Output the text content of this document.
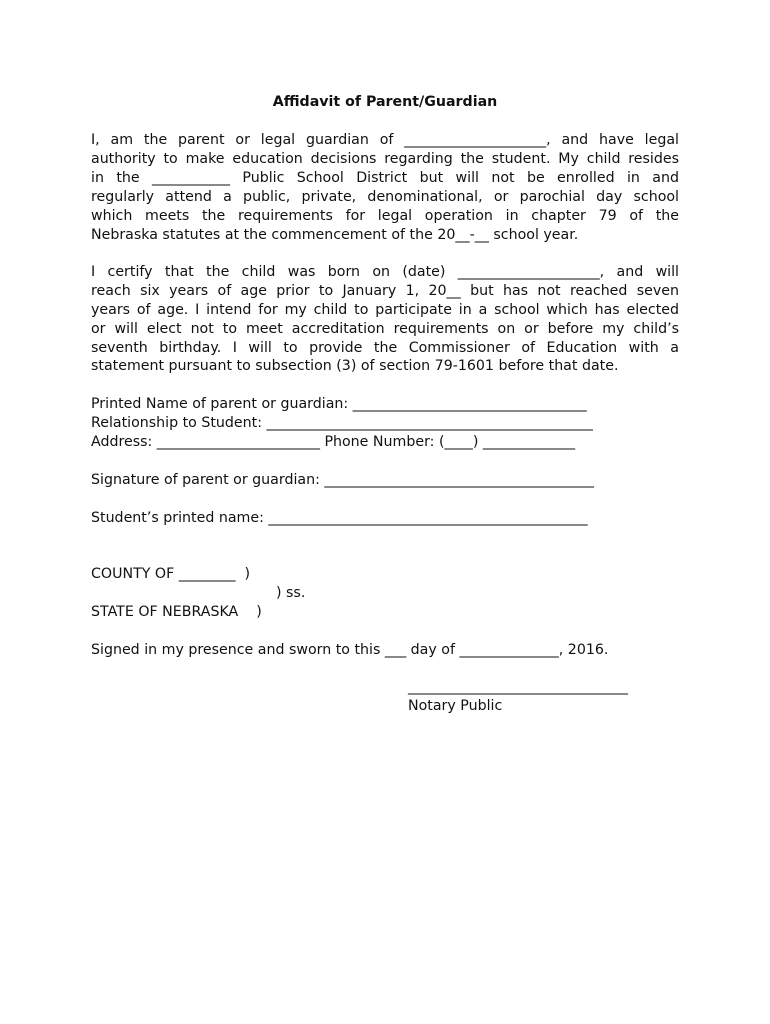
Affidavit of Parent/Guardian
I, am the parent or legal guardian of ____________________, and have legal
authority to make education decisions regarding the student. My child resides
in the ___________ Public School District but will not be enrolled in and
regularly attend a public, private, denominational, or parochial day school
which meets the requirements for legal operation in chapter 79 of the
Nebraska statutes at the commencement of the 20__-__ school year.
I certify that the child was born on (date) ____________________, and will
reach six years of age prior to January 1, 20__ but has not reached seven
years of age. I intend for my child to participate in a school which has elected
or will elect not to meet accreditation requirements on or before my child’s
seventh birthday. I will to provide the Commissioner of Education with a
statement pursuant to subsection (3) of section 79-1601 before that date.
Printed Name of parent or guardian: _________________________________
Relationship to Student: ______________________________________________
Address: _______________________ Phone Number: (____) _____________
Signature of parent or guardian: ______________________________________
Student’s printed name: _____________________________________________
COUNTY OF ________  )
) ss.
STATE OF NEBRASKA    )
Signed in my presence and sworn to this ___ day of ______________, 2016.
_______________________________
Notary Public
